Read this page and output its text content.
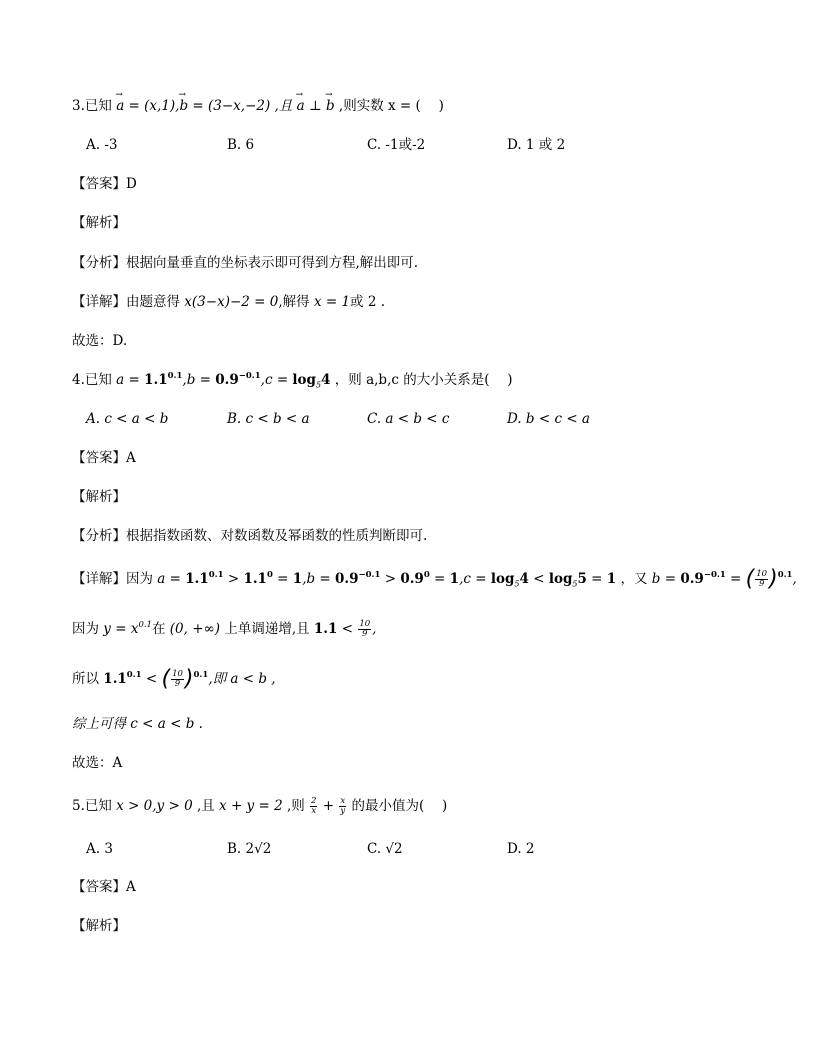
3.已知 → a = (x,1),→ b = (3−x,−2) ,且 → a ⊥ → b ,则实数 x = (　 )
A. -3	B. 6	C. -1或-2	D. 1 或 2
【答案】D
【解析】
【分析】根据向量垂直的坐标表示即可得到方程,解出即可.
【详解】由题意得 x(3−x)−2 = 0,解得 x = 1或 2 .
故选：D.
4.已知 $a = 1.1^{0.1},b = 0.9^{-0.1},c = \log_54$ ，则 a,b,c 的大小关系是(　 )
A. c < a < b	B. c < b < a	C. a < b < c	D. b < c < a
【答案】A
【解析】
【分析】根据指数函数、对数函数及幂函数的性质判断即可.
【详解】因为 $a = 1.1^{0.1} > 1.1^0 = 1,b = 0.9^{-0.1} > 0.9^0 = 1,c = \log_54 < \log_55 = 1$ ，又 $b = 0.9^{-0.1}$ = ( $\frac{10}{9} )^{0.1}$,
因为 $y = x^{0.1}$在 (0, +∞) 上单调递增,且 $1.1 < \frac{10}{9}$ ,
所以 $1.1^{0.1}$ < ( $\frac{10}{9} )^{0.1}$,即 a < b ,
综上可得 c < a < b .
故选：A
5.已知 x > 0,y > 0 ,且 x + y = 2 ,则 $\frac{2}{x} + \frac{x}{y}$ 的最小值为(　 )
A. 3	B. 2√2	C. √2	D. 2
【答案】A
【解析】
